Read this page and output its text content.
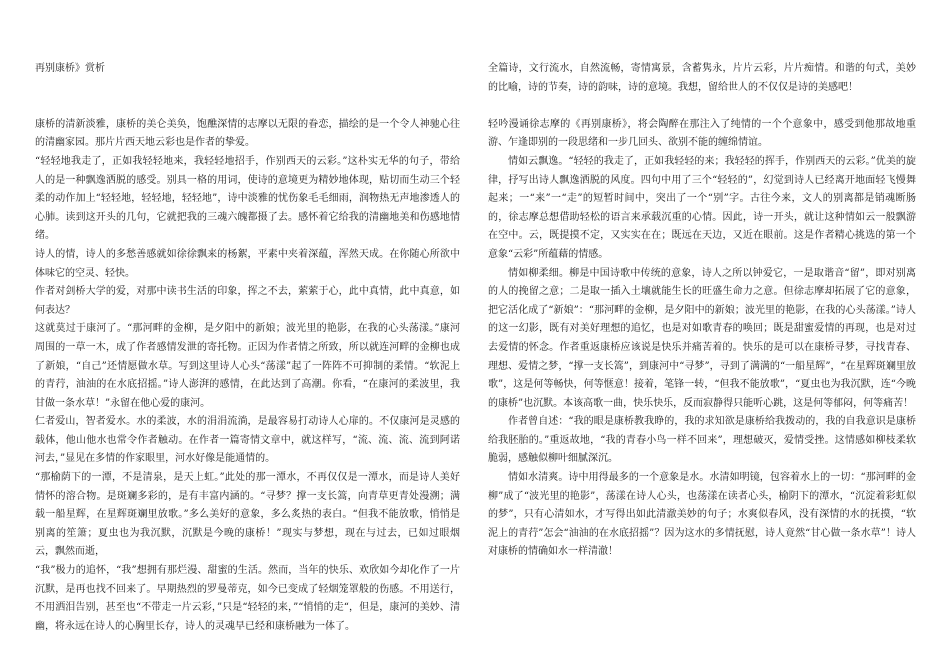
再别康桥》赏析

康桥的清新淡雅，康桥的美仑美奂，饱醮深情的志摩以无限的眷恋，描绘的是一个令人神驰心往的清幽家园。那片片西天地云彩也是作者的挚爱。

“轻轻地我走了，正如我轻轻地来，我轻轻地招手，作别西天的云彩。”这朴实无华的句子，带给人的是一种飘逸洒脱的感受。别具一格的用词，使诗的意境更为精妙地体现，贴切而生动三个轻柔的动作加上“轻轻地，轻轻地，轻轻地”，诗中淡雅的忧伤象毛毛细雨，润物热无声地渗透人的心肺。读到这开头的几句，它就把我的三魂六魄都摄了去。感怀着它给我的清幽地美和伤感地情绪。

诗人的情，诗人的多愁善感就如徐徐飘来的杨絮，平素中夹着深蕴，浑然天成。在你随心所欲中体味它的空灵、轻快。

作者对剑桥大学的爱，对那中读书生活的印象，挥之不去，萦萦于心，此中真情，此中真意，如何表达？

这就莫过于康河了。“那河畔的金柳，是夕阳中的新娘；波光里的艳影，在我的心头荡漾。”康河周围的一草一木，成了作者感情发泄的寄托物。正因为作者情之所致，所以就连河畔的金柳也成了新娘，“自己”还情愿做水草。写到这里诗人心头“荡漾”起了一阵阵不可抑制的柔情。“软泥上的青荇，油油的在水底招摇。”诗人澎湃的感情，在此达到了高潮。你看，“在康河的柔波里，我甘做一条水草！”永留在他心爱的康河。

仁者爱山，智者爱水。水的柔波，水的涓涓流淌，是最容易打动诗人心扉的。不仅康河是灵感的载体，他山他水也常令作者触动。在作者一篇寄情文章中，就这样写，“流、流、流、流到阿诺河去，”显见在多情的作家眼里，河水好像是能通情的。

“那榆荫下的一潭，不是清泉，是天上虹。”此处的那一潭水，不再仅仅是一潭水，而是诗人美好情怀的溶合物。是斑斓多彩的，是有丰富内涵的。“寻梦？撑一支长篙，向青草更青处漫溯；满载一船星辉，在星辉斑斓里放歌。”多么美好的意象，多么炙热的表白。“但我不能放歌，悄悄是别离的笙箫；夏虫也为我沉默，沉默是今晚的康桥！”现实与梦想，现在与过去，已如过眼烟云，飘然而逝，

“我”极力的追怀，“我”想拥有那烂漫、甜蜜的生活。然而，当年的快乐、欢欣如今却化作了一片沉默，是再也找不回来了。早期热烈的罗曼蒂克，如今已变成了轻烟笼罩般的伤感。不用送行，不用洒泪告别，甚至也“不带走一片云彩，”只是“轻轻的来，”“悄悄的走“，但是，康河的美妙、清幽，将永远在诗人的心胸里长存，诗人的灵魂早已经和康桥融为一体了。

全篇诗，文行流水，自然流畅，寄情寓景，含蓄隽永，片片云彩，片片痴情。和谐的句式，美妙的比喻，诗的节奏，诗的韵味，诗的意境。我想，留给世人的不仅仅是诗的美感吧！

轻吟漫诵徐志摩的《再别康桥》，将会陶醉在那注入了纯情的一个个意象中，感受到他那故地重游、乍逢即别的一段思绪和一步几回头、欲别不能的缠绵情谊。

情如云飘逸。“轻轻的我走了，正如我轻轻的来；我轻轻的挥手，作别西天的云彩。”优美的旋律，抒写出诗人飘逸洒脱的风度。四句中用了三个“轻轻的”，幻觉到诗人已经离开地面轻飞慢舞起来；一“来”一“走”的短暂时间中，突出了一个“别”字。古往今来，文人的别离都是销魂断肠的，徐志摩总想借助轻松的语言来承载沉重的心情。因此，诗一开头，就让这种情如云一般飘游在空中。云，既提摸不定，又实实在在；既远在天边，又近在眼前。这是作者精心挑选的第一个意象“云彩”所蕴藉的情感。

情如柳柔细。柳是中国诗歌中传统的意象，诗人之所以钟爱它，一是取谐音“留”，即对别离的人的挽留之意；二是取一插入土壤就能生长的旺盛生命力之意。但徐志摩却拓展了它的意象，把它活化成了“新娘”：“那河畔的金柳，是夕阳中的新娘；波光里的艳影，在我的心头荡漾。”诗人的这一幻影，既有对美好理想的追忆，也是对如歌青春的唤回；既是甜蜜爱情的再现，也是对过去爱情的怀念。作者重返康桥应该说是快乐并痛苦着的。快乐的是可以在康桥寻梦，寻找青春、理想、爱情之梦，“撑一支长篙”，到康河中“寻梦”，寻到了满满的“一船星辉”，“在星辉斑斓里放歌”，这是何等畅快，何等惬意！接着，笔锋一转，“但我不能放歌”，“夏虫也为我沉默，连“今晚的康桥”也沉默。本该高歌一曲，快乐快乐，反而寂静得只能听心跳，这是何等郁闷，何等痛苦！

作者曾自述：“我的眼是康桥教我睁的，我的求知欲是康桥给我拨动的，我的自我意识是康桥给我胚胎的。”重返故地，“我的青春小鸟一样不回来”，理想破灭，爱情受挫。这情感如柳枝柔软脆弱，感触似柳叶细腻深沉。

情如水清爽。诗中用得最多的一个意象是水。水清如明镜，包容着水上的一切：“那河畔的金柳”成了“波光里的艳影”，荡漾在诗人心头，也荡漾在读者心头，榆阴下的潭水，“沉淀着彩虹似的梦”，只有心清如水，才写得出如此清澈美妙的句子；水爽似春风，没有深情的水的抚摸，“软泥上的青荇”怎会“油油的在水底招摇”？因为这水的多情抚慰，诗人竟然“甘心做一条水草”！诗人对康桥的情确如水一样清澈！
